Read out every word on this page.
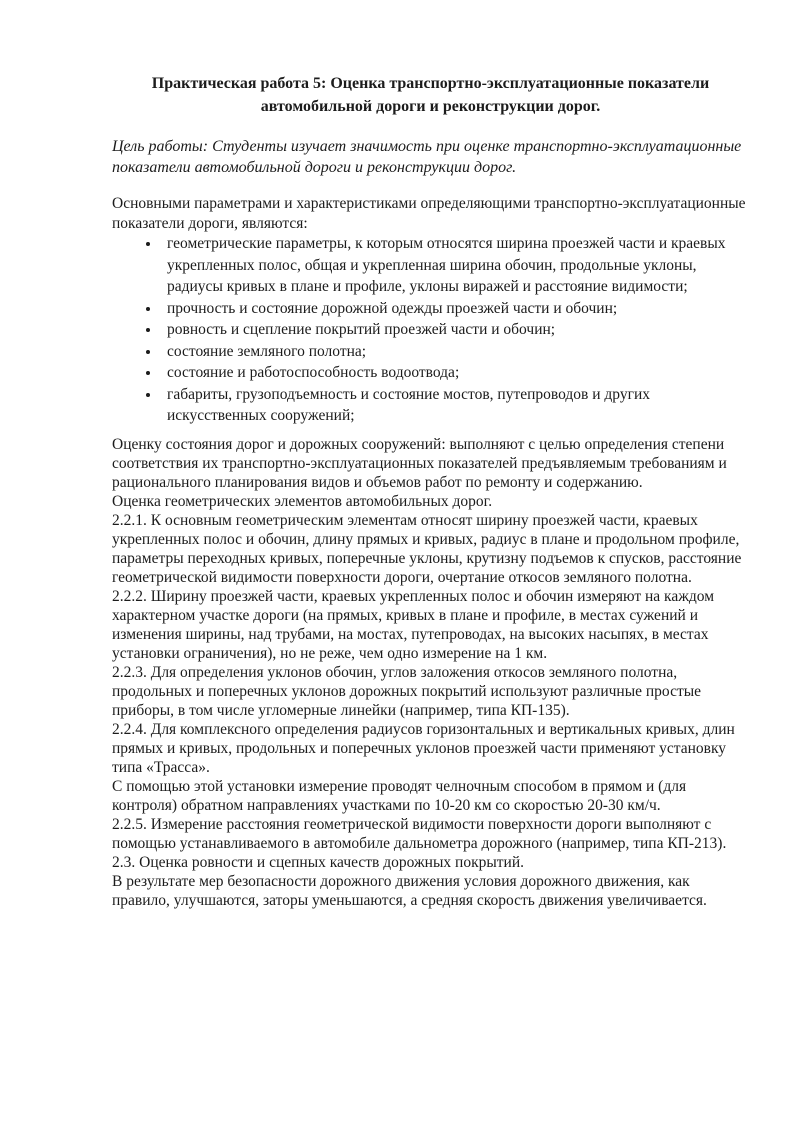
Практическая работа 5: Оценка транспортно-эксплуатационные показатели автомобильной дороги и реконструкции дорог.

Цель работы: Студенты изучает значимость при оценке транспортно-эксплуатационные показатели автомобильной дороги и реконструкции дорог.

Основными параметрами и характеристиками определяющими транспортно-эксплуатационные показатели дороги, являются:

• геометрические параметры, к которым относятся ширина проезжей части и краевых укрепленных полос, общая и укрепленная ширина обочин, продольные уклоны, радиусы кривых в плане и профиле, уклоны виражей и расстояние видимости;
• прочность и состояние дорожной одежды проезжей части и обочин;
• ровность и сцепление покрытий проезжей части и обочин;
• состояние земляного полотна;
• состояние и работоспособность водоотвода;
• габариты, грузоподъемность и состояние мостов, путепроводов и других искусственных сооружений;

Оценку состояния дорог и дорожных сооружений: выполняют с целью определения степени соответствия их транспортно-эксплуатационных показателей предъявляемым требованиям и рационального планирования видов и объемов работ по ремонту и содержанию.

Оценка геометрических элементов автомобильных дорог.

2.2.1. К основным геометрическим элементам относят ширину проезжей части, краевых укрепленных полос и обочин, длину прямых и кривых, радиус в плане и продольном профиле, параметры переходных кривых, поперечные уклоны, крутизну подъемов к спусков, расстояние геометрической видимости поверхности дороги, очертание откосов земляного полотна.

2.2.2. Ширину проезжей части, краевых укрепленных полос и обочин измеряют на каждом характерном участке дороги (на прямых, кривых в плане и профиле, в местах сужений и изменения ширины, над трубами, на мостах, путепроводах, на высоких насыпях, в местах установки ограничения), но не реже, чем одно измерение на 1 км.

2.2.3. Для определения уклонов обочин, углов заложения откосов земляного полотна, продольных и поперечных уклонов дорожных покрытий используют различные простые приборы, в том числе угломерные линейки (например, типа КП-135).

2.2.4. Для комплексного определения радиусов горизонтальных и вертикальных кривых, длин прямых и кривых, продольных и поперечных уклонов проезжей части применяют установку типа «Трасса».

С помощью этой установки измерение проводят челночным способом в прямом и (для контроля) обратном направлениях участками по 10-20 км со скоростью 20-30 км/ч.

2.2.5. Измерение расстояния геометрической видимости поверхности дороги выполняют с помощью устанавливаемого в автомобиле дальнометра дорожного (например, типа КП-213).

2.3. Оценка ровности и сцепных качеств дорожных покрытий.

В результате мер безопасности дорожного движения условия дорожного движения, как правило, улучшаются, заторы уменьшаются, а средняя скорость движения увеличивается.
